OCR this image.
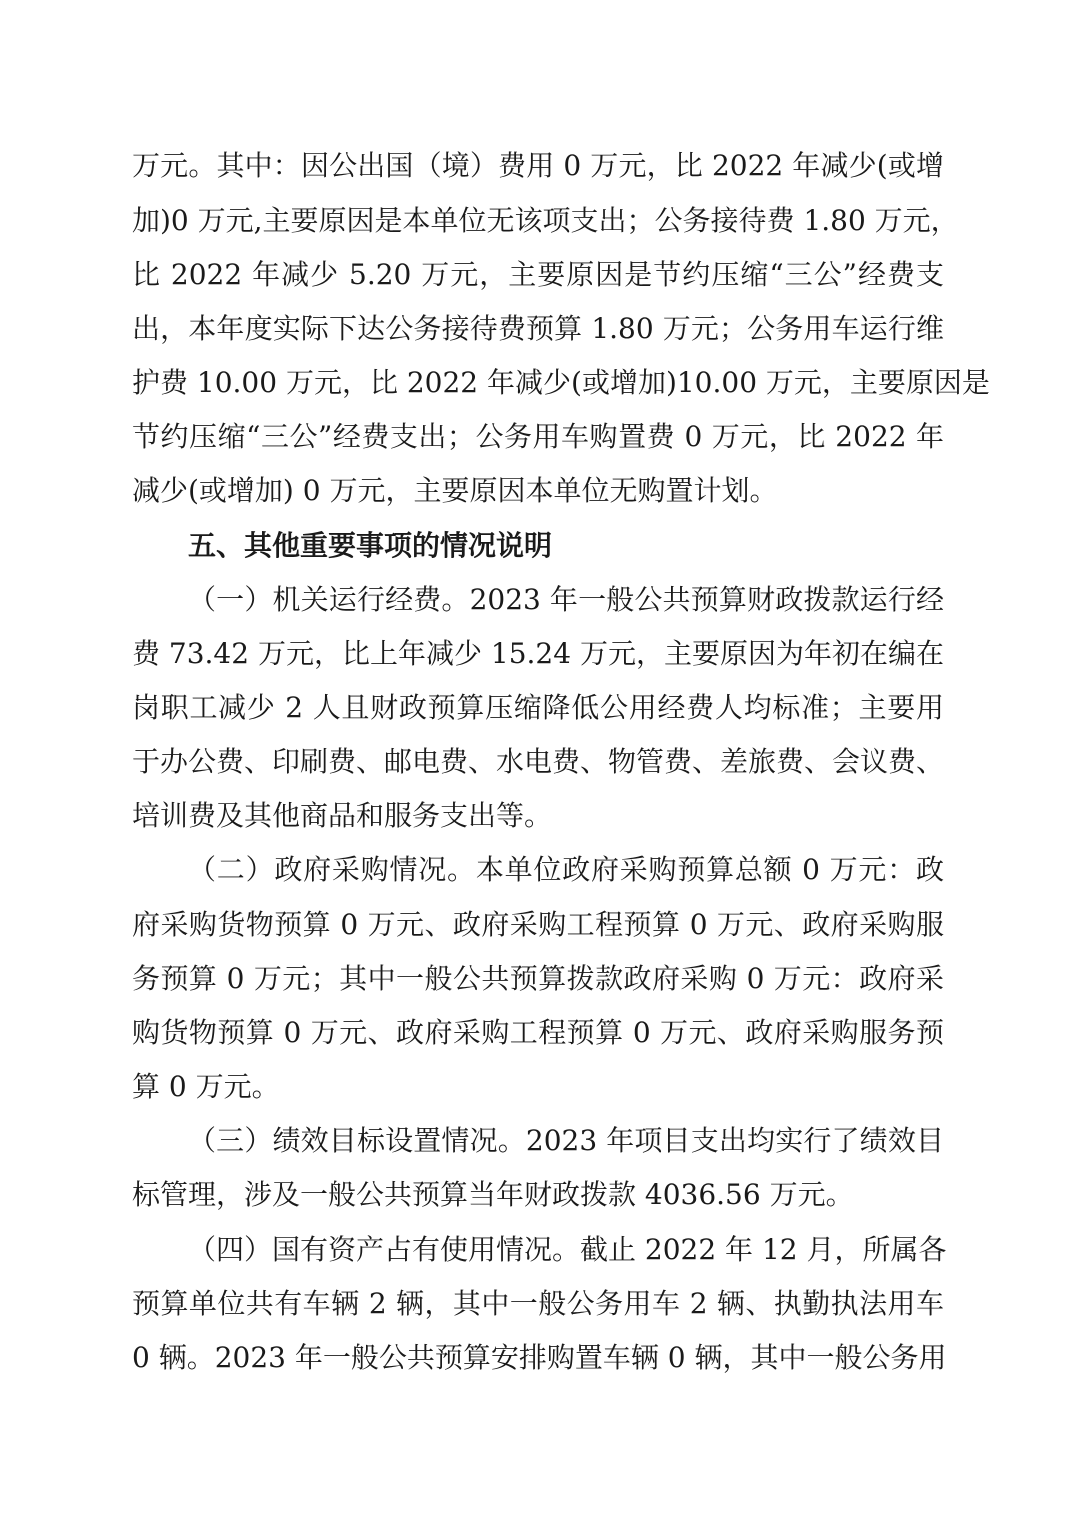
万元。其中：因公出国（境）费用 0 万元，比 2022 年减少(或增
加)0 万元,主要原因是本单位无该项支出；公务接待费 1.80 万元，
比 2022 年减少 5.20 万元，主要原因是节约压缩“三公”经费支
出，本年度实际下达公务接待费预算 1.80 万元；公务用车运行维
护费 10.00 万元，比 2022 年减少(或增加)10.00 万元，主要原因是
节约压缩“三公”经费支出；公务用车购置费 0 万元，比 2022 年
减少(或增加) 0 万元，主要原因本单位无购置计划。
五、其他重要事项的情况说明
（一）机关运行经费。2023 年一般公共预算财政拨款运行经
费 73.42 万元，比上年减少 15.24 万元，主要原因为年初在编在
岗职工减少 2 人且财政预算压缩降低公用经费人均标准；主要用
于办公费、印刷费、邮电费、水电费、物管费、差旅费、会议费、
培训费及其他商品和服务支出等。
（二）政府采购情况。本单位政府采购预算总额 0 万元：政
府采购货物预算 0 万元、政府采购工程预算 0 万元、政府采购服
务预算 0 万元；其中一般公共预算拨款政府采购 0 万元：政府采
购货物预算 0 万元、政府采购工程预算 0 万元、政府采购服务预
算 0 万元。
（三）绩效目标设置情况。2023 年项目支出均实行了绩效目
标管理，涉及一般公共预算当年财政拨款 4036.56 万元。
（四）国有资产占有使用情况。截止 2022 年 12 月，所属各
预算单位共有车辆 2 辆，其中一般公务用车 2 辆、执勤执法用车
0 辆。2023 年一般公共预算安排购置车辆 0 辆，其中一般公务用
